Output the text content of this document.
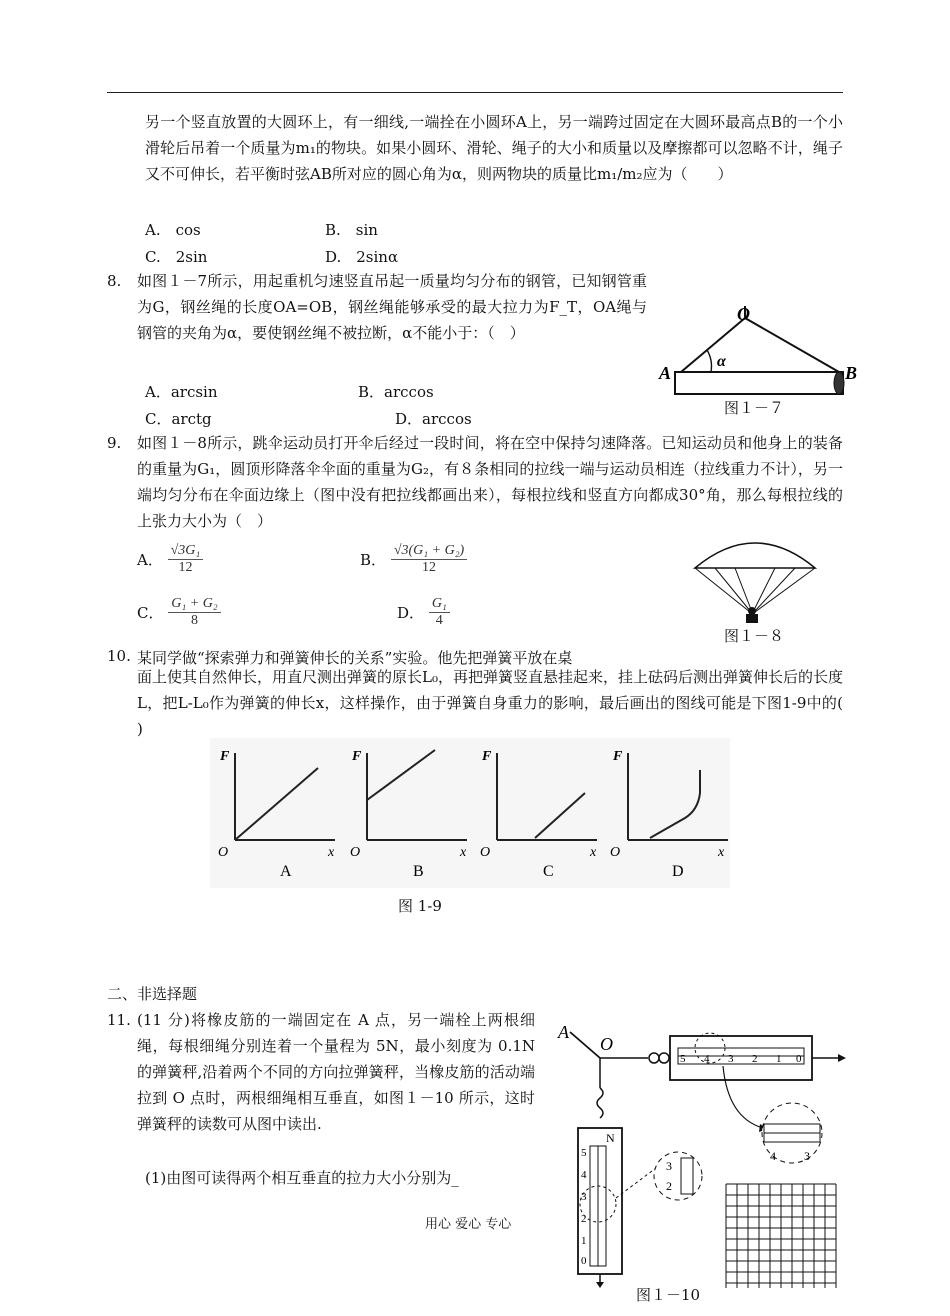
另一个竖直放置的大圆环上，有一细线,一端拴在小圆环A上，另一端跨过固定在大圆环最高点B的一个小滑轮后吊着一个质量为m₁的物块。如果小圆环、滑轮、绳子的大小和质量以及摩擦都可以忽略不计，绳子又不可伸长，若平衡时弦AB所对应的圆心角为α，则两物块的质量比m₁/m₂应为（　　）
A.　cos	B.　sin
C.　2sin	D.　2sinα
8. 如图１－7所示，用起重机匀速竖直吊起一质量均匀分布的钢管，已知钢管重为G，钢丝绳的长度OA=OB，钢丝绳能够承受的最大拉力为F_T，OA绳与钢管的夹角为α，要使钢丝绳不被拉断，α不能小于：（　）
A．arcsin	B．arccos
C．arctg	D．arccos
O
A	B
α
图１－７
9. 如图１－8所示，跳伞运动员打开伞后经过一段时间，将在空中保持匀速降落。已知运动员和他身上的装备的重量为G₁，圆顶形降落伞伞面的重量为G₂，有８条相同的拉线一端与运动员相连（拉线重力不计），另一端均匀分布在伞面边缘上（图中没有把拉线都画出来），每根拉线和竖直方向都成30°角，那么每根拉线的上张力大小为（　）
A． $\frac{\text{√3G₁}}{12}$	B． $\frac{\text{√3(G₁ + G₂)}}{12}$
C． $\frac{\text{G₁ + G₂}}{8}$	D． $\frac{\text{G₁}}{4}$
图１－８
10. 某同学做“探索弹力和弹簧伸长的关系”实验。他先把弹簧平放在桌
面上使其自然伸长，用直尺测出弹簧的原长L₀，再把弹簧竖直悬挂起来，挂上砝码后测出弹簧伸长后的长度L，把L-L₀作为弹簧的伸长x，这样操作，由于弹簧自身重力的影响，最后画出的图线可能是下图1-9中的(　 )
F
O	x
A
F
O	x
B
F
O	x
C
F
O	x
D
图 1-9
二、非选择题
11. (11 分)将橡皮筋的一端固定在 A 点，另一端栓上两根细绳，每根细绳分别连着一个量程为 5N，最小刻度为 0.1N 的弹簧秤,沿着两个不同的方向拉弹簧秤，当橡皮筋的活动端拉到 O 点时，两根细绳相互垂直，如图１－10 所示，这时弹簧秤的读数可从图中读出.
(1)由图可读得两个相互垂直的拉力大小分别为_
A
O
5 4 3 2 1 0
4 3
N
5
4
3
2
1
0
3
2
图１－10
用心 爱心 专心
